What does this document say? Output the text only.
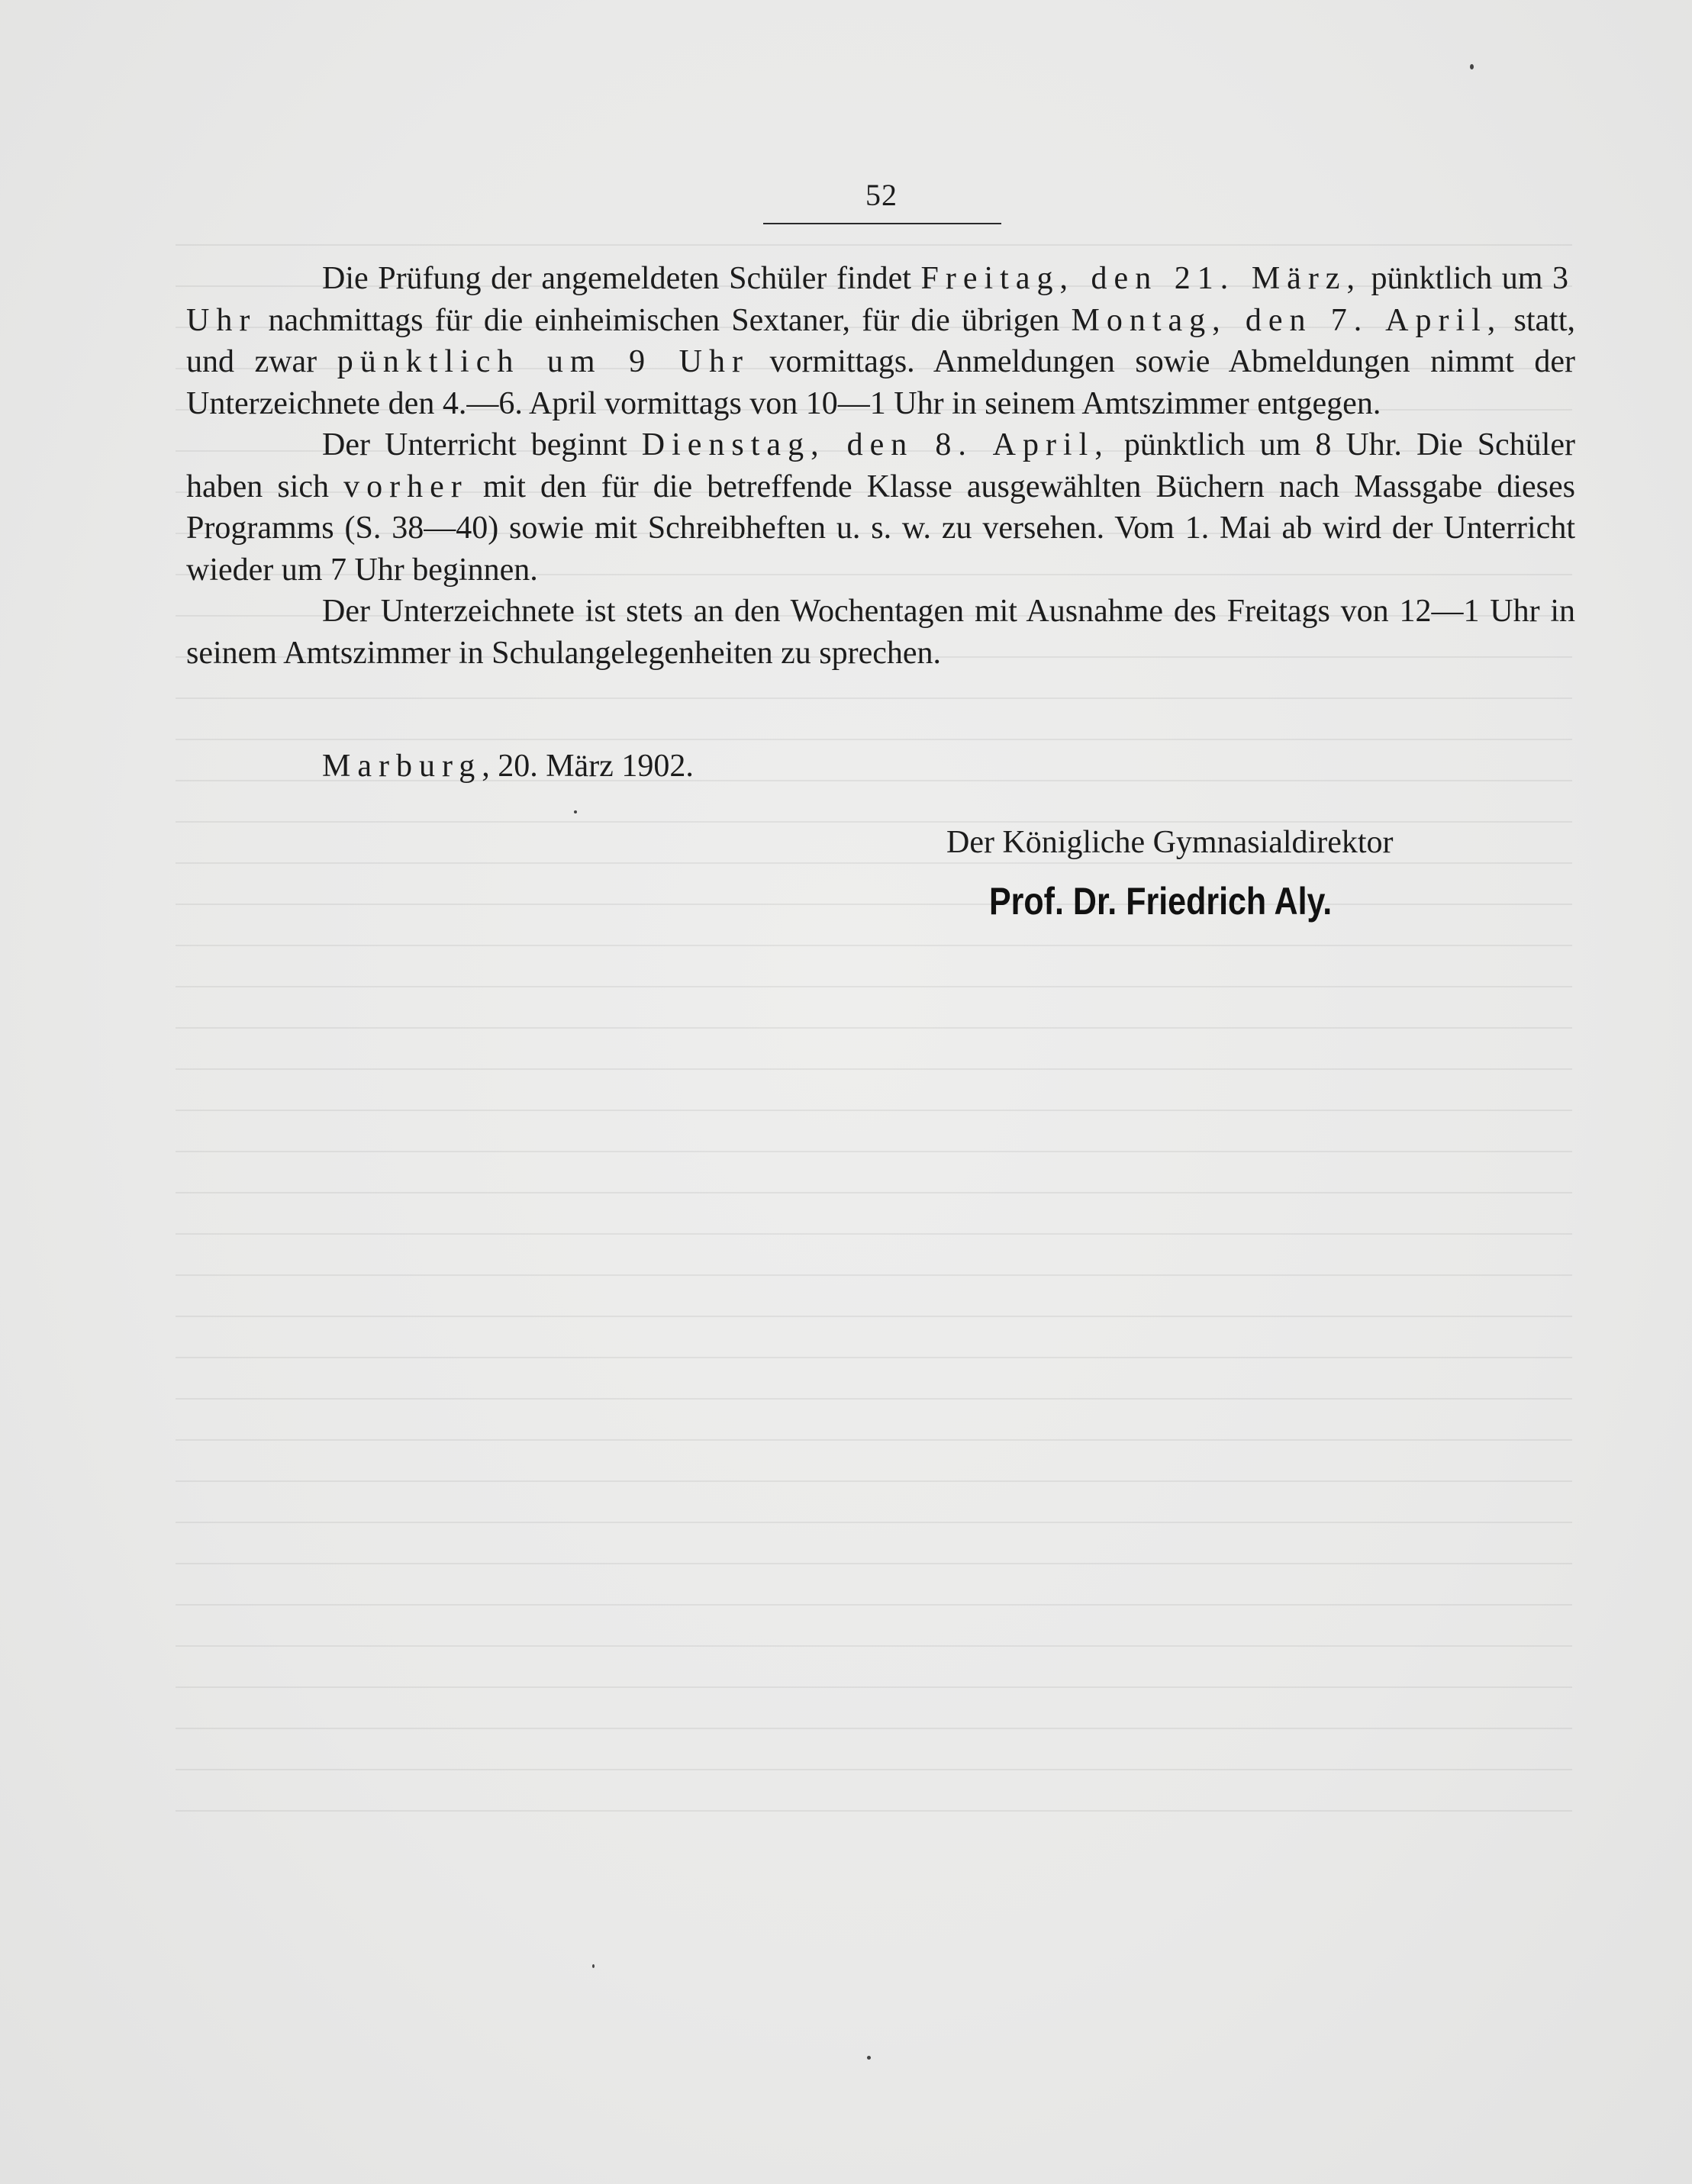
52

Die Prüfung der angemeldeten Schüler findet Freitag, den 21. März, pünktlich um 3 Uhr nachmittags für die einheimischen Sextaner, für die übrigen Montag, den 7. April, statt, und zwar pünktlich um 9 Uhr vormittags. Anmeldungen sowie Abmeldungen nimmt der Unterzeichnete den 4.—6. April vormittags von 10—1 Uhr in seinem Amtszimmer entgegen.

Der Unterricht beginnt Dienstag, den 8. April, pünktlich um 8 Uhr. Die Schüler haben sich vorher mit den für die betreffende Klasse ausgewählten Büchern nach Massgabe dieses Programms (S. 38—40) sowie mit Schreibheften u. s. w. zu versehen. Vom 1. Mai ab wird der Unterricht wieder um 7 Uhr beginnen.

Der Unterzeichnete ist stets an den Wochentagen mit Ausnahme des Freitags von 12—1 Uhr in seinem Amtszimmer in Schulangelegenheiten zu sprechen.

Marburg, 20. März 1902.
Der Königliche Gymnasialdirektor
Prof. Dr. Friedrich Aly.
